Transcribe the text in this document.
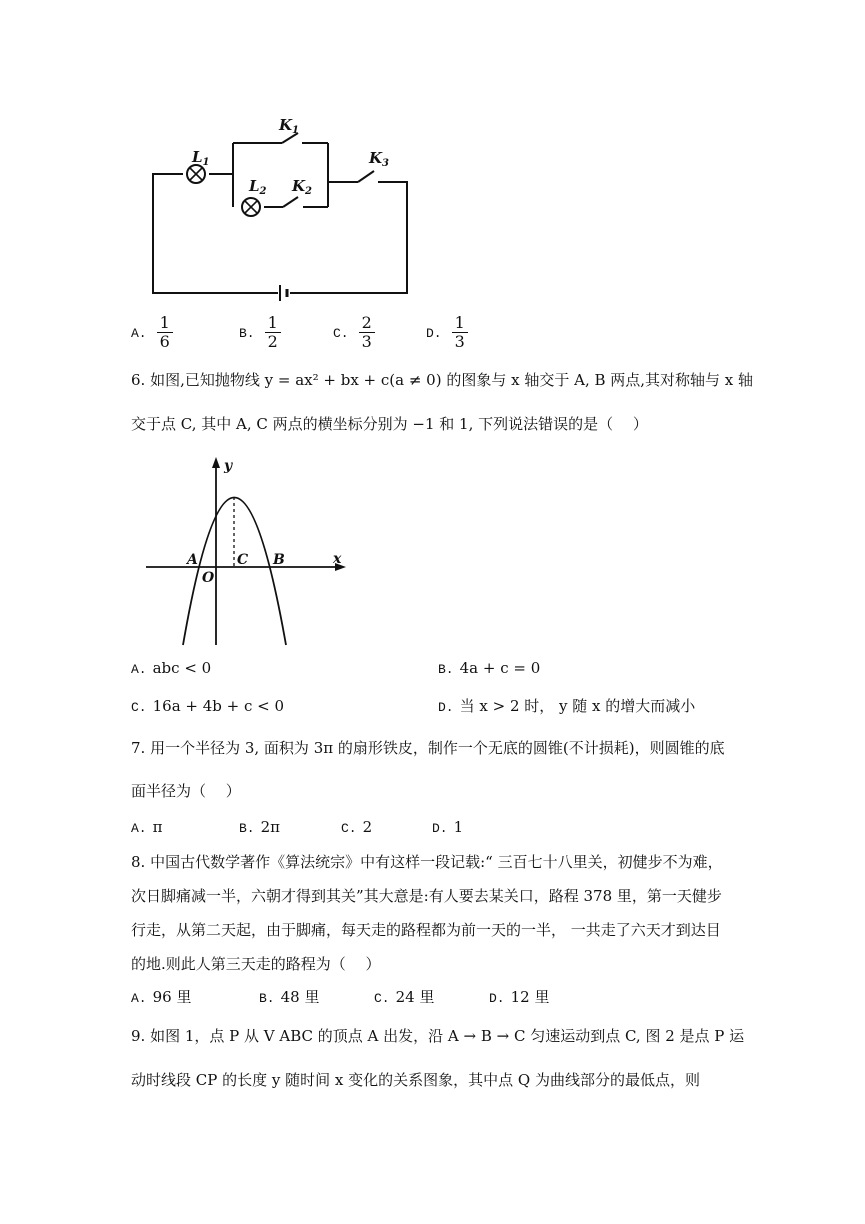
$L_1$
$L_2$
$K_1$
$K_2$
$K_3$
A. $\frac{1}{6}$	B. $\frac{1}{2}$	C. $\frac{2}{3}$	D. $\frac{1}{3}$
6. 如图,已知抛物线 y = ax² + bx + c(a ≠ 0) 的图象与 x 轴交于 A, B 两点,其对称轴与 x 轴
交于点 C, 其中 A, C 两点的横坐标分别为 −1 和 1, 下列说法错误的是（　 ）
y
x
A
O
C B
A. abc < 0	B. 4a + c = 0
C. 16a + 4b + c < 0	D. 当 x > 2 时， y 随 x 的增大而减小
7. 用一个半径为 3, 面积为 3π 的扇形铁皮，制作一个无底的圆锥(不计损耗)，则圆锥的底
面半径为（　 ）
A. π	B. 2π	C. 2	D. 1
8. 中国古代数学著作《算法统宗》中有这样一段记载:“ 三百七十八里关，初健步不为难，
次日脚痛减一半，六朝才得到其关”其大意是:有人要去某关口，路程 378 里，第一天健步
行走，从第二天起，由于脚痛，每天走的路程都为前一天的一半， 一共走了六天才到达目
的地.则此人第三天走的路程为（　 ）
A. 96 里	B. 48 里	C. 24 里	D. 12 里
9. 如图 1，点 P 从 V ABC 的顶点 A 出发，沿 A → B → C 匀速运动到点 C, 图 2 是点 P 运
动时线段 CP 的长度 y 随时间 x 变化的关系图象，其中点 Q 为曲线部分的最低点，则
